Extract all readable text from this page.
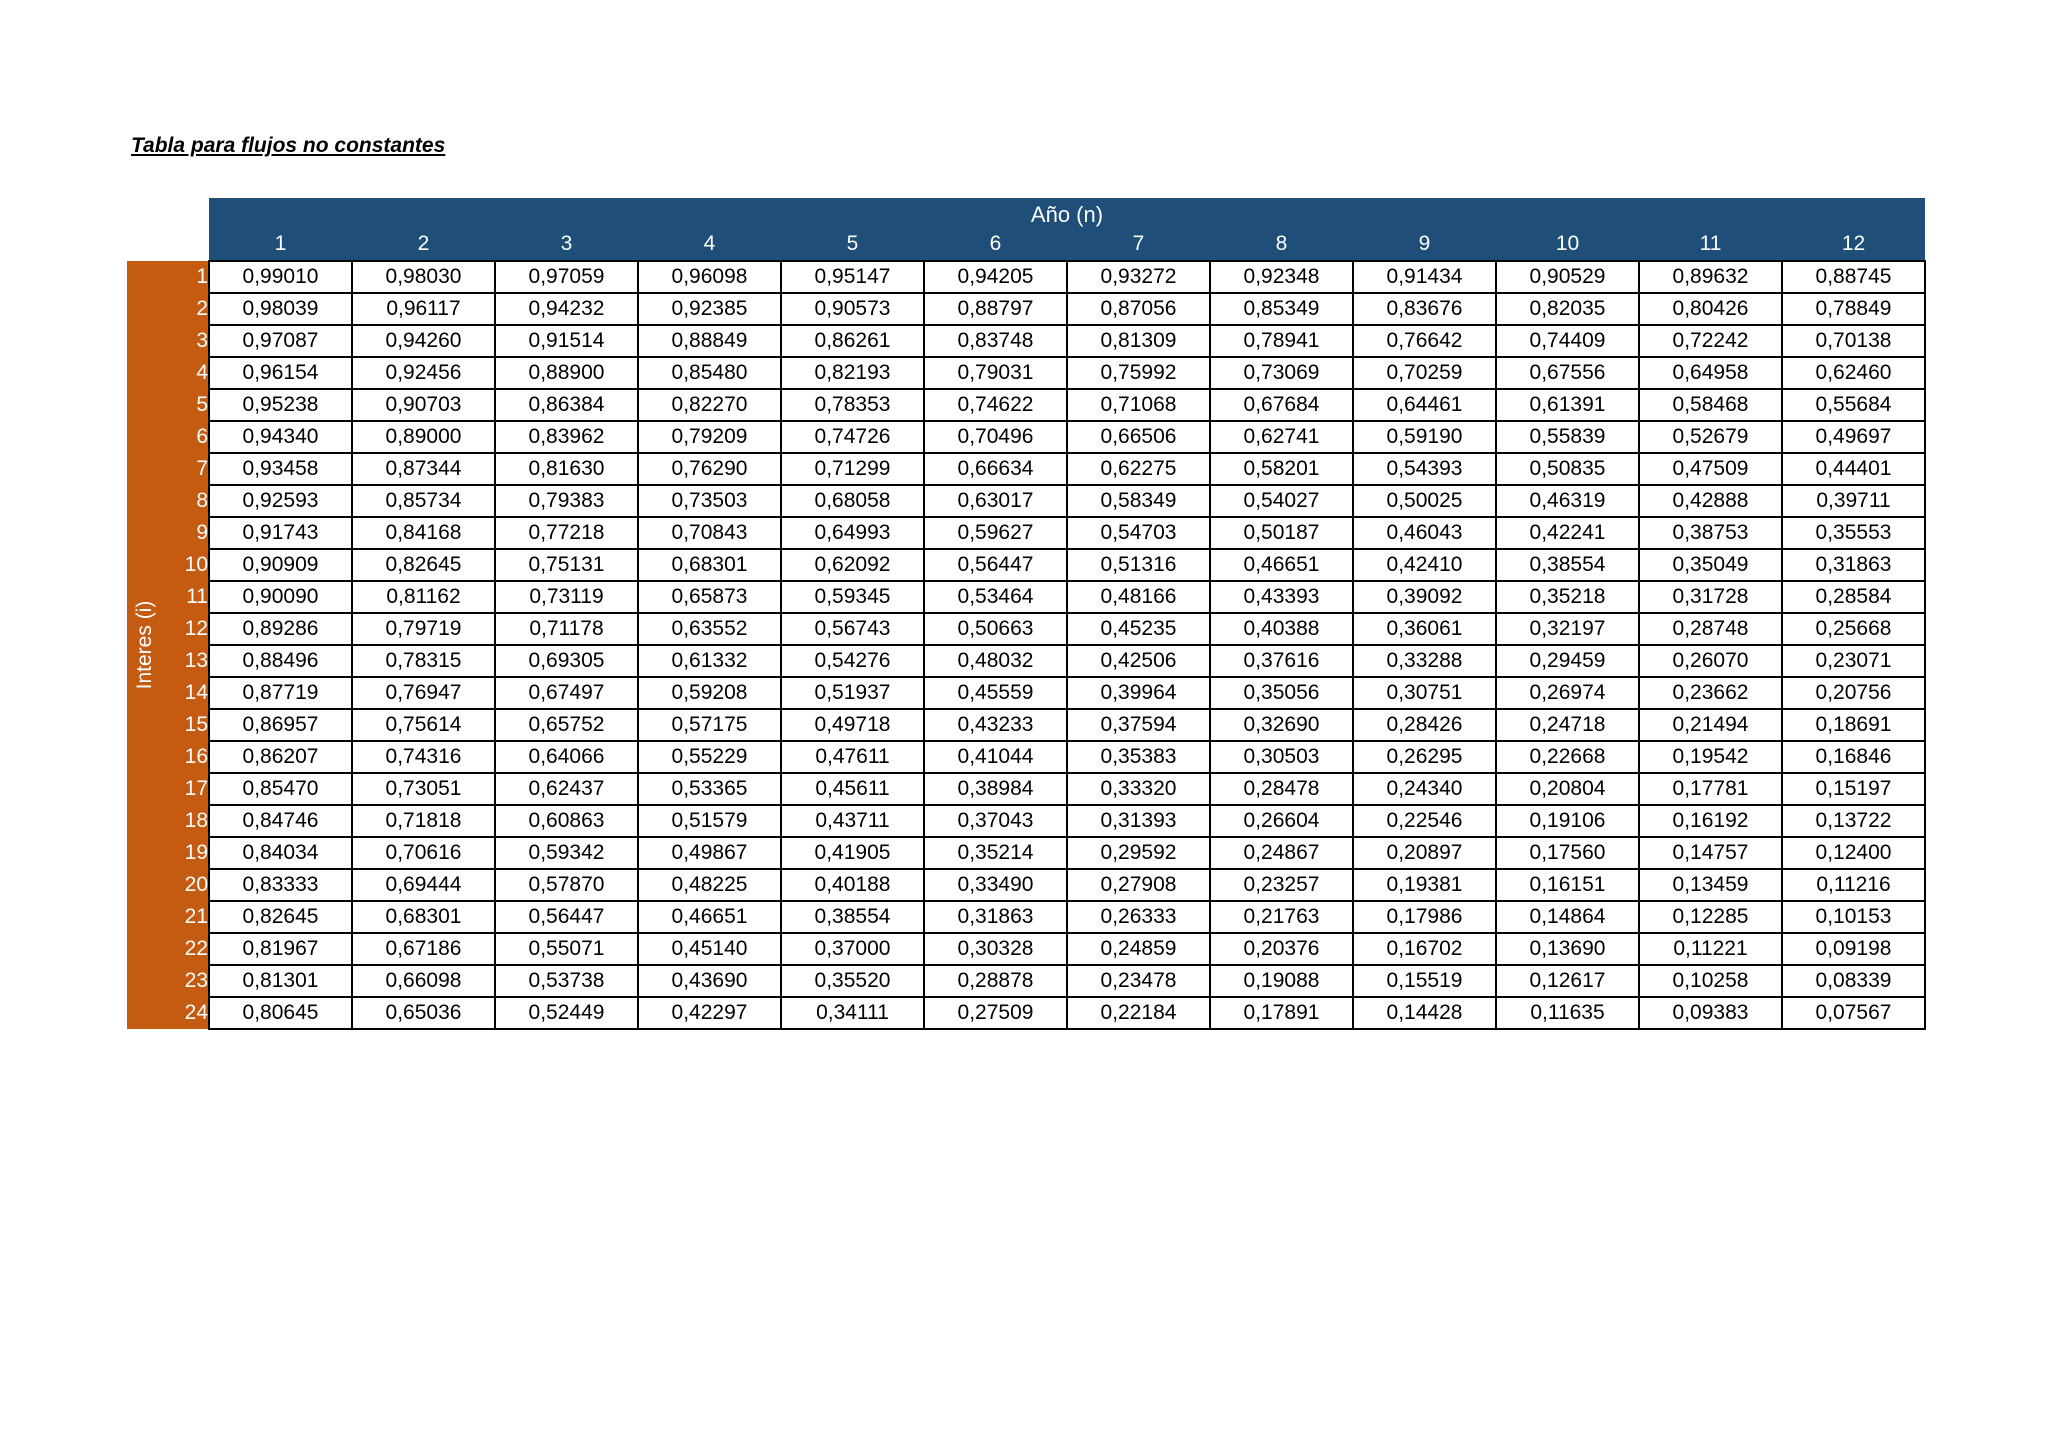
Tabla para flujos no constantes
		Año (n)											
		1	2	3	4	5	6	7	8	9	10	11	12

Interes (i)	1	0,99010	0,98030	0,97059	0,96098	0,95147	0,94205	0,93272	0,92348	0,91434	0,90529	0,89632	0,88745
	2	0,98039	0,96117	0,94232	0,92385	0,90573	0,88797	0,87056	0,85349	0,83676	0,82035	0,80426	0,78849
	3	0,97087	0,94260	0,91514	0,88849	0,86261	0,83748	0,81309	0,78941	0,76642	0,74409	0,72242	0,70138
	4	0,96154	0,92456	0,88900	0,85480	0,82193	0,79031	0,75992	0,73069	0,70259	0,67556	0,64958	0,62460
	5	0,95238	0,90703	0,86384	0,82270	0,78353	0,74622	0,71068	0,67684	0,64461	0,61391	0,58468	0,55684
	6	0,94340	0,89000	0,83962	0,79209	0,74726	0,70496	0,66506	0,62741	0,59190	0,55839	0,52679	0,49697
	7	0,93458	0,87344	0,81630	0,76290	0,71299	0,66634	0,62275	0,58201	0,54393	0,50835	0,47509	0,44401
	8	0,92593	0,85734	0,79383	0,73503	0,68058	0,63017	0,58349	0,54027	0,50025	0,46319	0,42888	0,39711
	9	0,91743	0,84168	0,77218	0,70843	0,64993	0,59627	0,54703	0,50187	0,46043	0,42241	0,38753	0,35553
	10	0,90909	0,82645	0,75131	0,68301	0,62092	0,56447	0,51316	0,46651	0,42410	0,38554	0,35049	0,31863
	11	0,90090	0,81162	0,73119	0,65873	0,59345	0,53464	0,48166	0,43393	0,39092	0,35218	0,31728	0,28584
	12	0,89286	0,79719	0,71178	0,63552	0,56743	0,50663	0,45235	0,40388	0,36061	0,32197	0,28748	0,25668
	13	0,88496	0,78315	0,69305	0,61332	0,54276	0,48032	0,42506	0,37616	0,33288	0,29459	0,26070	0,23071
	14	0,87719	0,76947	0,67497	0,59208	0,51937	0,45559	0,39964	0,35056	0,30751	0,26974	0,23662	0,20756
	15	0,86957	0,75614	0,65752	0,57175	0,49718	0,43233	0,37594	0,32690	0,28426	0,24718	0,21494	0,18691
	16	0,86207	0,74316	0,64066	0,55229	0,47611	0,41044	0,35383	0,30503	0,26295	0,22668	0,19542	0,16846
	17	0,85470	0,73051	0,62437	0,53365	0,45611	0,38984	0,33320	0,28478	0,24340	0,20804	0,17781	0,15197
	18	0,84746	0,71818	0,60863	0,51579	0,43711	0,37043	0,31393	0,26604	0,22546	0,19106	0,16192	0,13722
	19	0,84034	0,70616	0,59342	0,49867	0,41905	0,35214	0,29592	0,24867	0,20897	0,17560	0,14757	0,12400
	20	0,83333	0,69444	0,57870	0,48225	0,40188	0,33490	0,27908	0,23257	0,19381	0,16151	0,13459	0,11216
	21	0,82645	0,68301	0,56447	0,46651	0,38554	0,31863	0,26333	0,21763	0,17986	0,14864	0,12285	0,10153
	22	0,81967	0,67186	0,55071	0,45140	0,37000	0,30328	0,24859	0,20376	0,16702	0,13690	0,11221	0,09198
	23	0,81301	0,66098	0,53738	0,43690	0,35520	0,28878	0,23478	0,19088	0,15519	0,12617	0,10258	0,08339
	24	0,80645	0,65036	0,52449	0,42297	0,34111	0,27509	0,22184	0,17891	0,14428	0,11635	0,09383	0,07567
